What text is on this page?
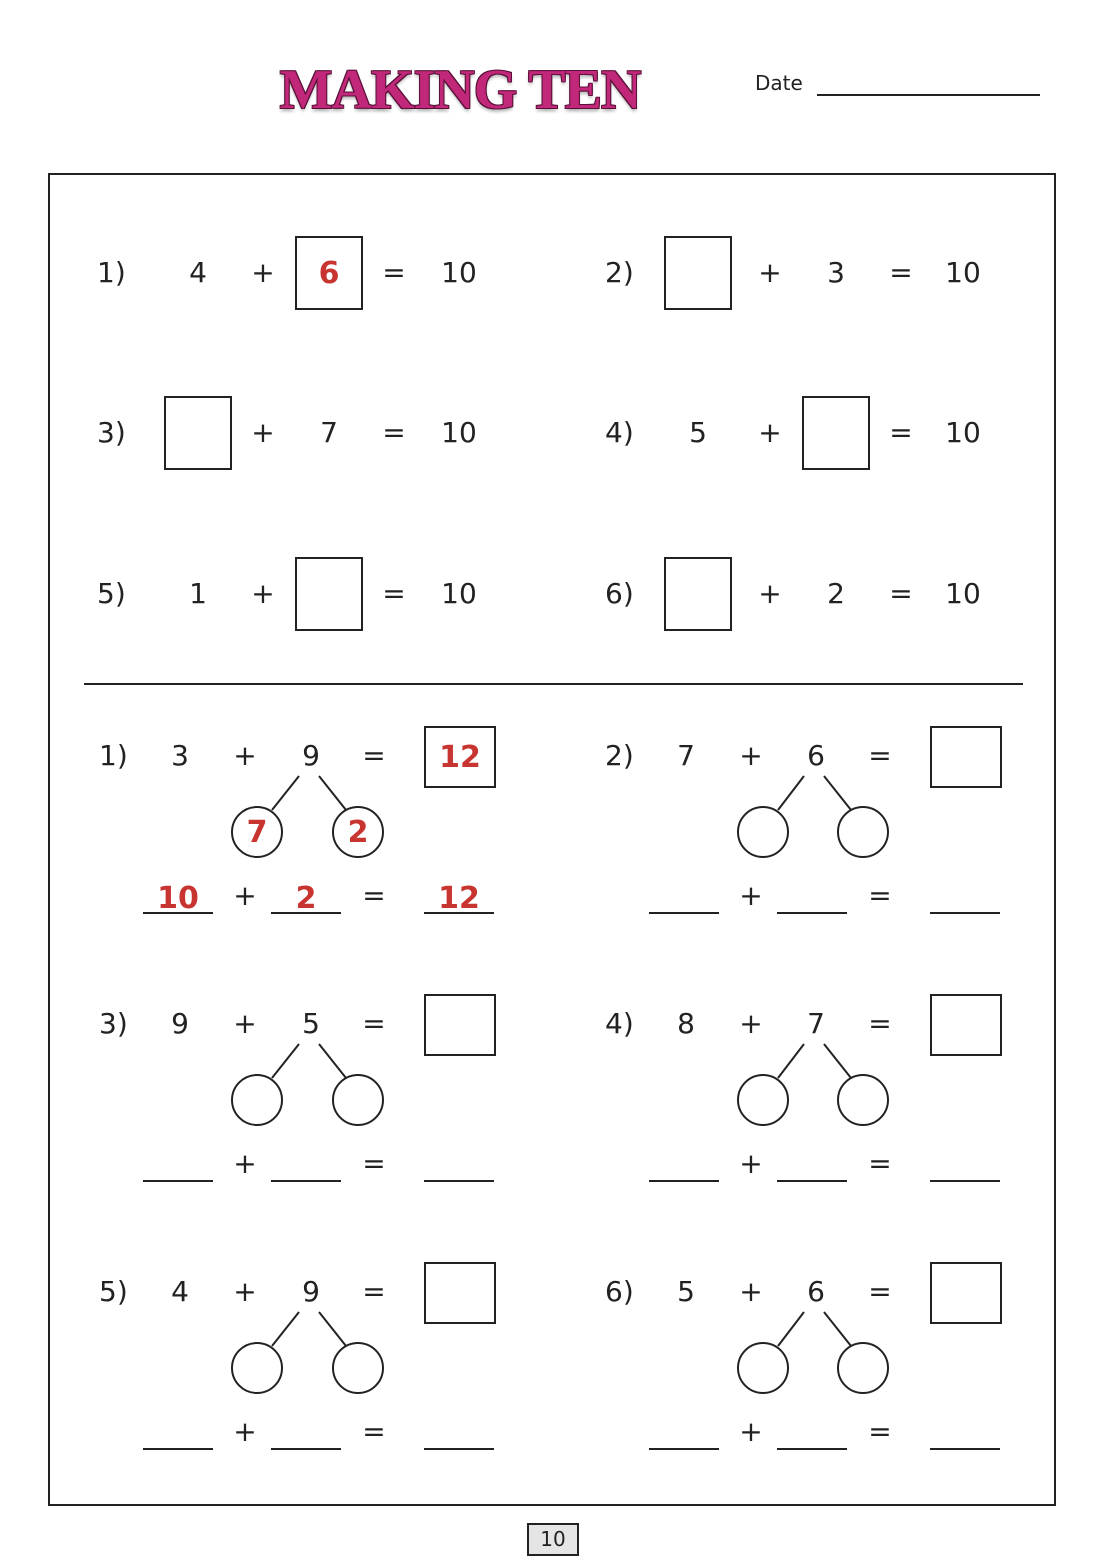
MAKING TEN	Date
1) 4 +	6	= 10	2)	+ 3 = 10
3)	+ 7 = 10	4) 5 +	= 10
5) 1 +	= 10	6)	+ 2 = 10
1) 3 + 9 =	12
7	2
10	+	2	=	12
2) 7 + 6 =
+	=
3) 9 + 5 =
+	=
4) 8 + 7 =
+	=
5) 4 + 9 =
+	=
6) 5 + 6 =
+	=
10
